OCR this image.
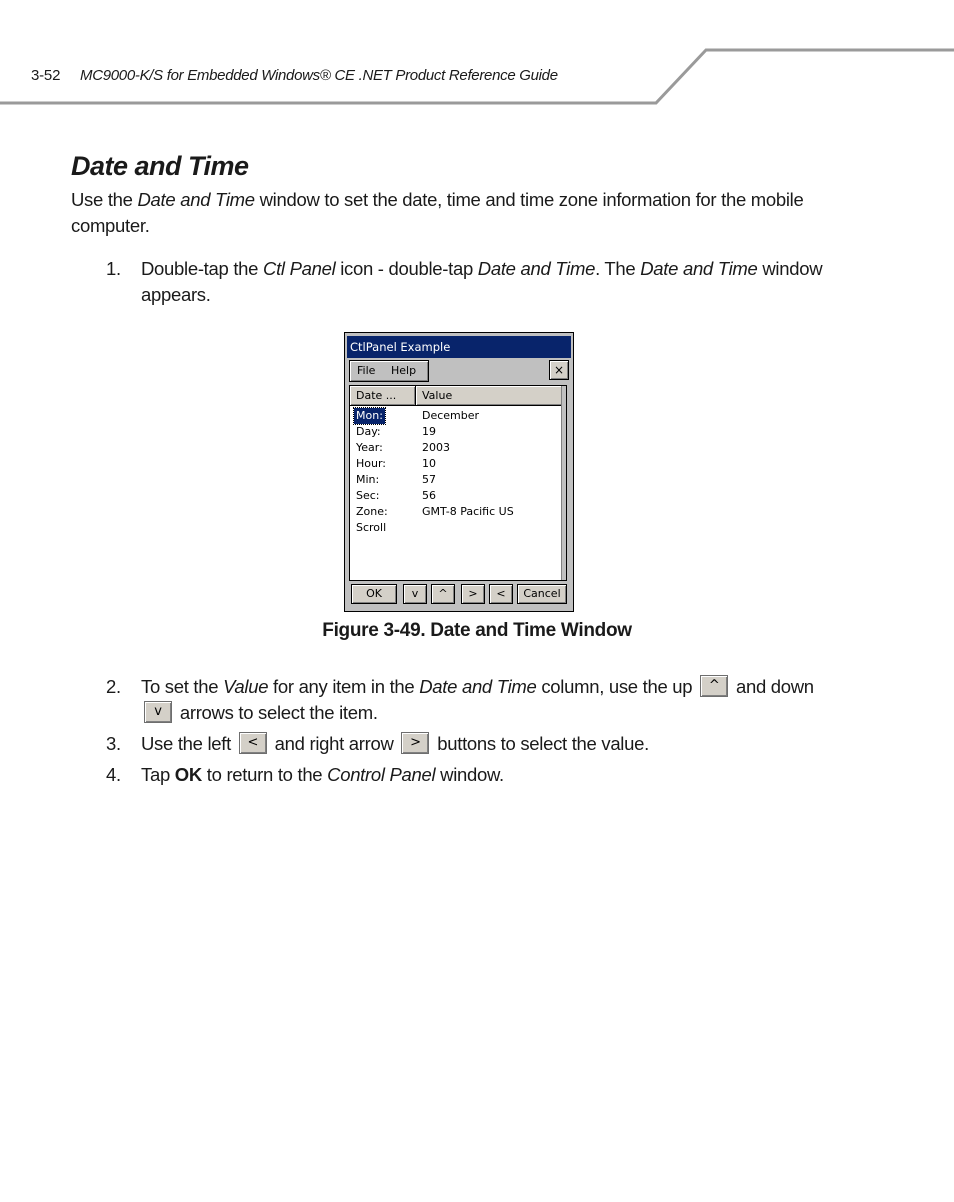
3-52 MC9000-K/S for Embedded Windows® CE .NET Product Reference Guide
Date and Time
Use the Date and Time window to set the date, time and time zone information for the mobile computer.
1. Double-tap the Ctl Panel icon - double-tap Date and Time. The Date and Time window appears.
CtlPanel Example
File Help	×
Date ...	Value
Mon:	December
Day:	19
Year:	2003
Hour:	10
Min:	57
Sec:	56
Zone:	GMT-8 Pacific US
Scroll
OK	v	^	>	<	Cancel
Figure 3-49. Date and Time Window
2. To set the Value for any item in the Date and Time column, use the up ^ and down v arrows to select the item.
3. Use the left < and right arrow > buttons to select the value.
4. Tap OK to return to the Control Panel window.
